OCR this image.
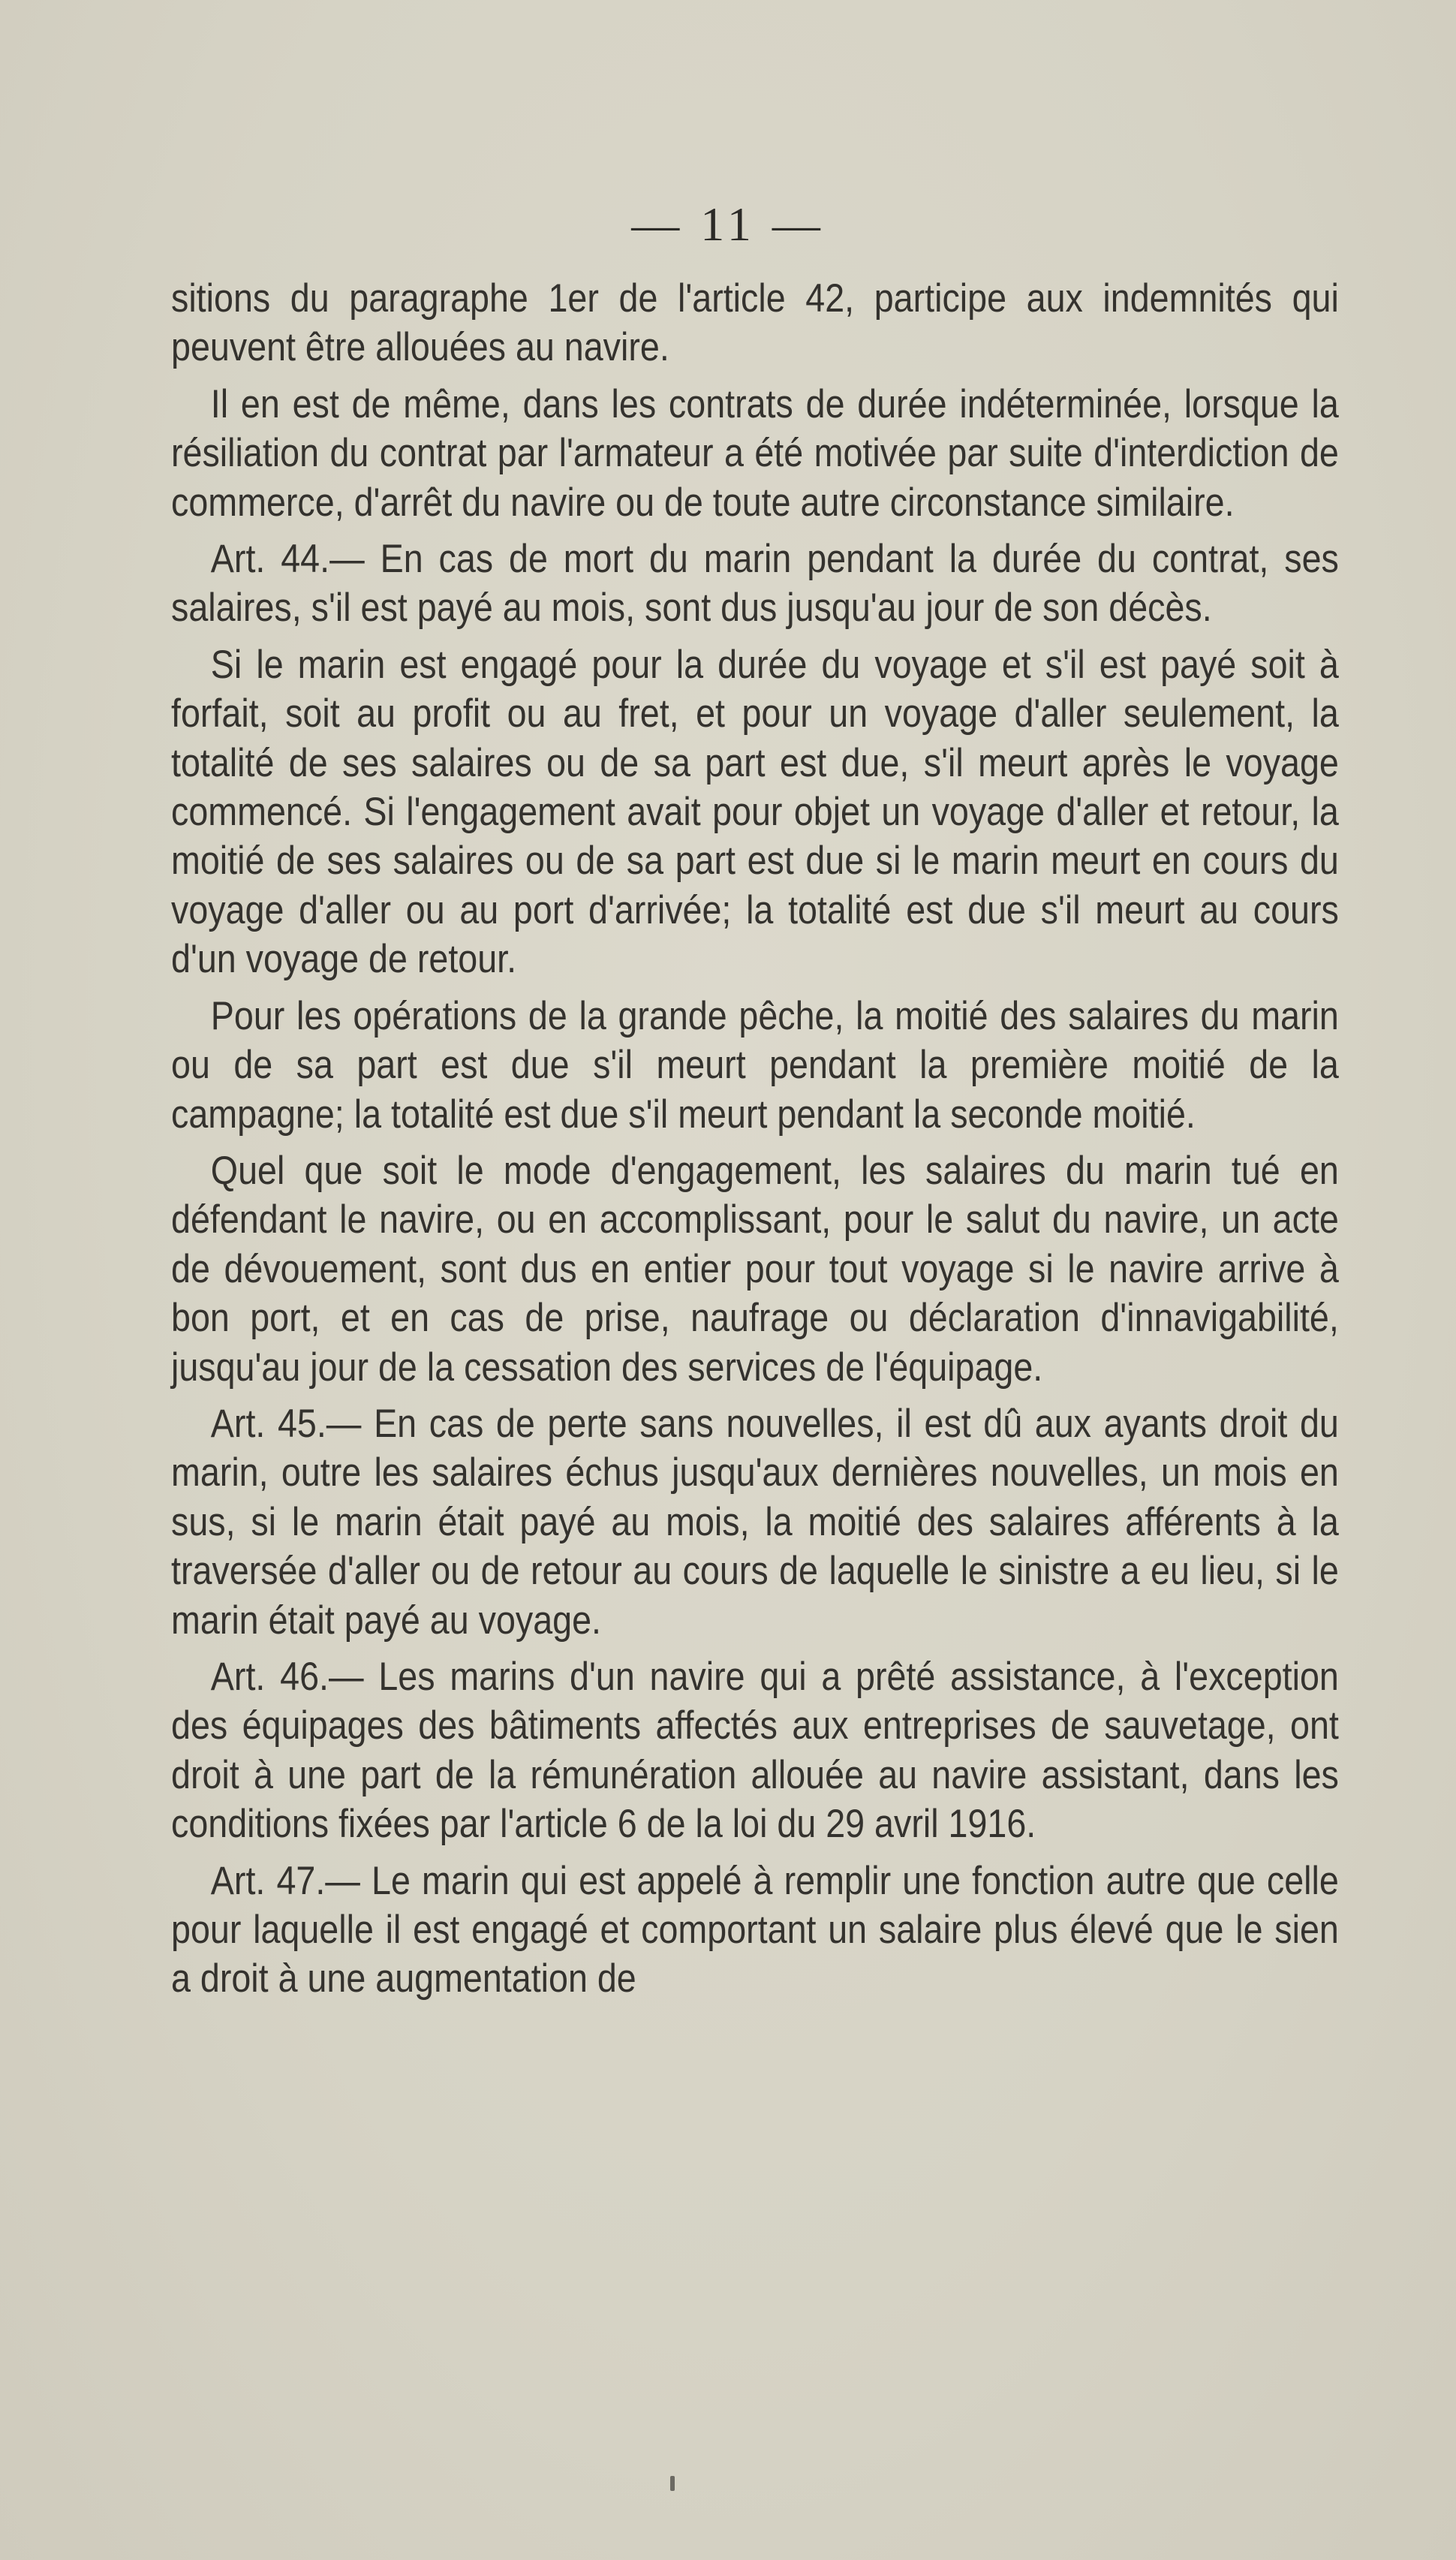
— 11 —

sitions du paragraphe 1er de l'article 42, participe aux indemnités qui peuvent être allouées au navire.

Il en est de même, dans les contrats de durée indéterminée, lorsque la résiliation du contrat par l'armateur a été motivée par suite d'interdiction de commerce, d'arrêt du navire ou de toute autre circonstance similaire.

Art. 44.— En cas de mort du marin pendant la durée du contrat, ses salaires, s'il est payé au mois, sont dus jusqu'au jour de son décès.

Si le marin est engagé pour la durée du voyage et s'il est payé soit à forfait, soit au profit ou au fret, et pour un voyage d'aller seulement, la totalité de ses salaires ou de sa part est due, s'il meurt après le voyage commencé. Si l'engagement avait pour objet un voyage d'aller et retour, la moitié de ses salaires ou de sa part est due si le marin meurt en cours du voyage d'aller ou au port d'arrivée; la totalité est due s'il meurt au cours d'un voyage de retour.

Pour les opérations de la grande pêche, la moitié des salaires du marin ou de sa part est due s'il meurt pendant la première moitié de la campagne; la totalité est due s'il meurt pendant la seconde moitié.

Quel que soit le mode d'engagement, les salaires du marin tué en défendant le navire, ou en accomplissant, pour le salut du navire, un acte de dévouement, sont dus en entier pour tout voyage si le navire arrive à bon port, et en cas de prise, naufrage ou déclaration d'innavigabilité, jusqu'au jour de la cessation des services de l'équipage.

Art. 45.— En cas de perte sans nouvelles, il est dû aux ayants droit du marin, outre les salaires échus jusqu'aux dernières nouvelles, un mois en sus, si le marin était payé au mois, la moitié des salaires afférents à la traversée d'aller ou de retour au cours de laquelle le sinistre a eu lieu, si le marin était payé au voyage.

Art. 46.— Les marins d'un navire qui a prêté assistance, à l'exception des équipages des bâtiments affectés aux entreprises de sauvetage, ont droit à une part de la rémunération allouée au navire assistant, dans les conditions fixées par l'article 6 de la loi du 29 avril 1916.

Art. 47.— Le marin qui est appelé à remplir une fonction autre que celle pour laquelle il est engagé et comportant un salaire plus élevé que le sien a droit à une augmentation de
